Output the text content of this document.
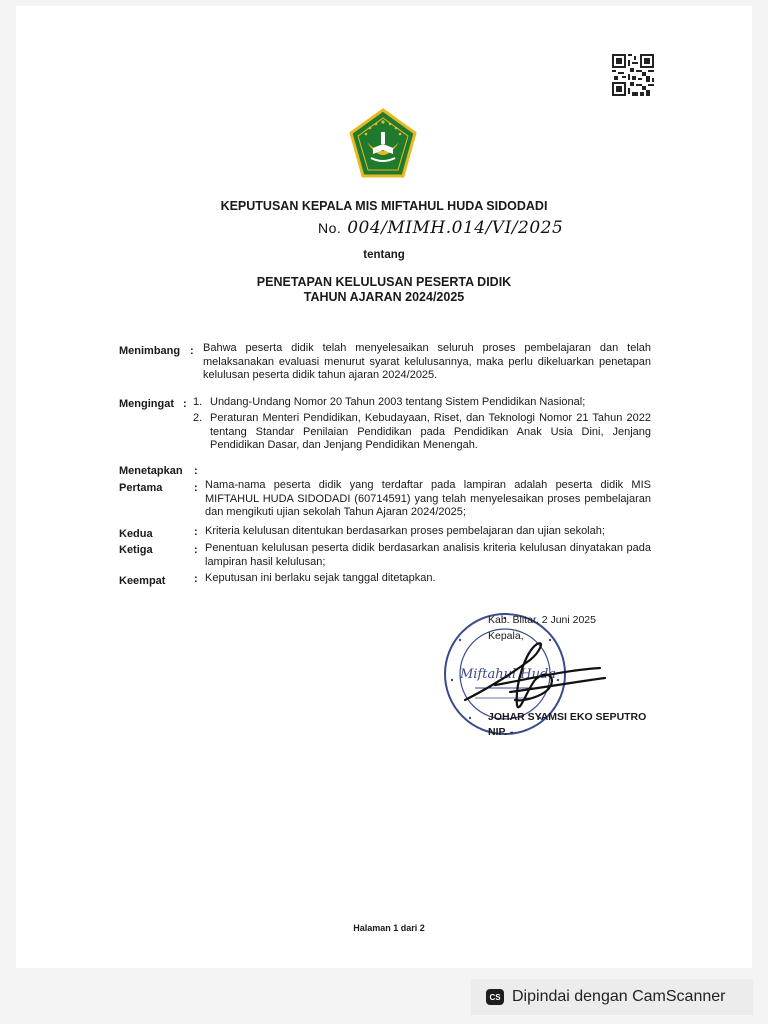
KEPUTUSAN KEPALA MIS MIFTAHUL HUDA SIDODADI
No. 004/MIMH.014/VI/2025
tentang
PENETAPAN KELULUSAN PESERTA DIDIK
TAHUN AJARAN 2024/2025
Menimbang : Bahwa peserta didik telah menyelesaikan seluruh proses pembelajaran dan telah melaksanakan evaluasi menurut syarat kelulusannya, maka perlu dikeluarkan penetapan kelulusan peserta didik tahun ajaran 2024/2025.

Mengingat : 1. Undang-Undang Nomor 20 Tahun 2003 tentang Sistem Pendidikan Nasional;

2. Peraturan Menteri Pendidikan, Kebudayaan, Riset, dan Teknologi Nomor 21 Tahun 2022 tentang Standar Penilaian Pendidikan pada Pendidikan Anak Usia Dini, Jenjang Pendidikan Dasar, dan Jenjang Pendidikan Menengah.

Menetapkan :
Pertama	: Nama-nama peserta didik yang terdaftar pada lampiran adalah peserta didik MIS MIFTAHUL HUDA SIDODADI (60714591) yang telah menyelesaikan proses pembelajaran dan mengikuti ujian sekolah Tahun Ajaran 2024/2025;

Kedua	: Kriteria kelulusan ditentukan berdasarkan proses pembelajaran dan ujian sekolah;

Ketiga	: Penentuan kelulusan peserta didik berdasarkan analisis kriteria kelulusan dinyatakan pada lampiran hasil kelulusan;

Keempat	: Keputusan ini berlaku sejak tanggal ditetapkan.

Miftahul Huda
Kab. Blitar, 2 Juni 2025
Kepala,
JOHAR SYAMSI EKO SEPUTRO
NIP. -
Halaman 1 dari 2
CS Dipindai dengan CamScanner
